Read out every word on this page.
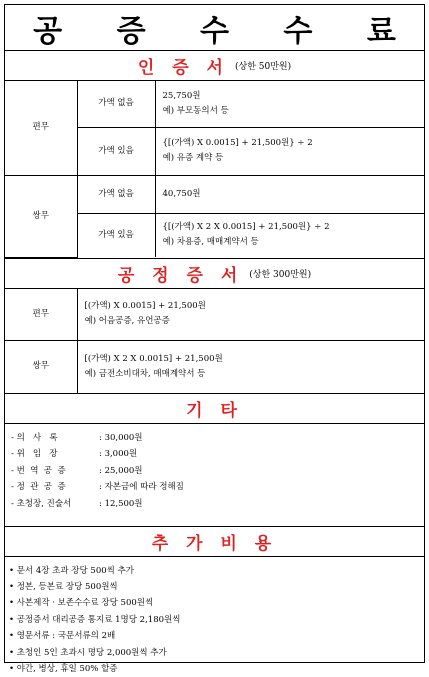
공 증 수 수 료
인 증 서 (상한 50만원)
편무	가액 없음	25,750원
예) 부모동의서 등

	가액 있음	{[(가액) X 0.0015] + 21,500원} ÷ 2
예) 유증 계약 등

쌍무	가액 없음	40,750원

	가액 있음	{[(가액) X 2 X 0.0015] + 21,500원} ÷ 2
예) 차용증, 매매계약서 등
공 정 증 서 (상한 300만원)
편무	[(가액) X 0.0015] + 21,500원
예) 어음공증, 유언공증

쌍무	[(가액) X 2 X 0.0015] + 21,500원
예) 금전소비대차, 매매계약서 등
기 타
- 의   사   록	: 30,000원
- 위   임   장	: 3,000원
- 번  역  공  증	: 25,000원
- 정  관  공  증	: 자본금에 따라 정해짐
- 초청장, 진술서	: 12,500원
추 가 비 용
• 문서 4장 초과 장당 500씩 추가
• 정본, 등본료 장당 500원씩
• 사본제작 · 보존수수료 장당 500원씩
• 공정증서 대리공증 통지료 1명당 2,180원씩
• 영문서류 : 국문서류의 2배
• 초청인 5인 초과시 명당 2,000원씩 추가
• 야간, 병상, 휴일 50% 할증
